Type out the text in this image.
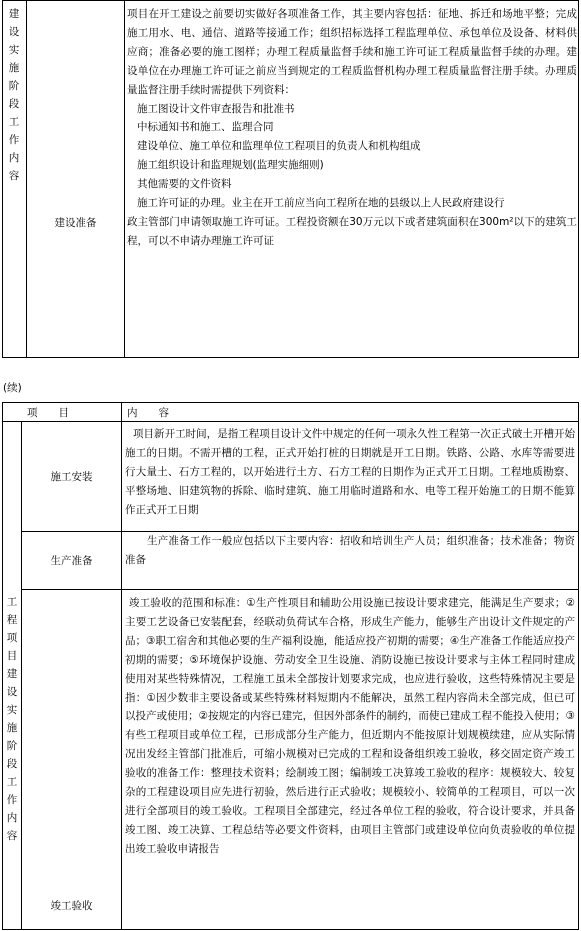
建设实施阶段工作内容
建设准备
项目在开工建设之前要切实做好各项准备工作，其主要内容包括：征地、拆迁和场地平整；完成施工用水、电、通信、道路等接通工作；组织招标选择工程监理单位、承包单位及设备、材料供应商；准备必要的施工图样；办理工程质量监督手续和施工许可证工程质量监督手续的办理。建设单位在办理施工许可证之前应当到规定的工程质监督机构办理工程质量监督注册手续。办理质量监督注册手续时需提供下列资料：
施工图设计文件审查报告和批准书
中标通知书和施工、监理合同
建设单位、施工单位和监理单位工程项目的负责人和机构组成
施工组织设计和监理规划(监理实施细则)
其他需要的文件资料
施工许可证的办理。业主在开工前应当向工程所在地的县级以上人民政府建设行
政主管部门申请领取施工许可证。工程投资额在30万元以下或者建筑面积在300m²以下的建筑工程，可以不申请办理施工许可证
(续)
项　　目	内　　容
工程项目建设实施阶段工作内容
施工安装
项目新开工时间，是指工程项目设计文件中规定的任何一项永久性工程第一次正式破土开槽开始施工的日期。不需开槽的工程，正式开始打桩的日期就是开工日期。铁路、公路、水库等需要进行大量土、石方工程的，以开始进行土方、石方工程的日期作为正式开工日期。工程地质勘察、平整场地、旧建筑物的拆除、临时建筑、施工用临时道路和水、电等工程开始施工的日期不能算作正式开工日期
生产准备
生产准备工作一般应包括以下主要内容：招收和培训生产人员；组织准备；技术准备；物资准备
竣工验收
竣工验收的范围和标准：①生产性项目和辅助公用设施已按设计要求建完，能满足生产要求；②主要工艺设备已安装配套，经联动负荷试车合格，形成生产能力，能够生产出设计文件规定的产品；③职工宿舍和其他必要的生产福利设施，能适应投产初期的需要；④生产准备工作能适应投产初期的需要；⑤环境保护设施、劳动安全卫生设施、消防设施已按设计要求与主体工程同时建成使用对某些特殊情况，工程施工虽未全部按计划要求完成，也应进行验收，这些特殊情况主要是指：①因少数非主要设备或某些特殊材料短期内不能解决，虽然工程内容尚未全部完成，但已可以投产或使用；②按规定的内容已建完，但因外部条件的制约，而使已建成工程不能投入使用；③有些工程项目或单位工程，已形成部分生产能力，但近期内不能按原计划规模续建，应从实际情况出发经主管部门批准后，可缩小规模对已完成的工程和设备组织竣工验收，移交固定资产竣工验收的准备工作：整理技术资料；绘制竣工图；编制竣工决算竣工验收的程序：规模较大、较复杂的工程建设项目应先进行初验，然后进行正式验收；规模较小、较简单的工程项目，可以一次进行全部项目的竣工验收。工程项目全部建完，经过各单位工程的验收，符合设计要求，并具备竣工图、竣工决算、工程总结等必要文件资料，由项目主管部门或建设单位向负责验收的单位提出竣工验收申请报告
